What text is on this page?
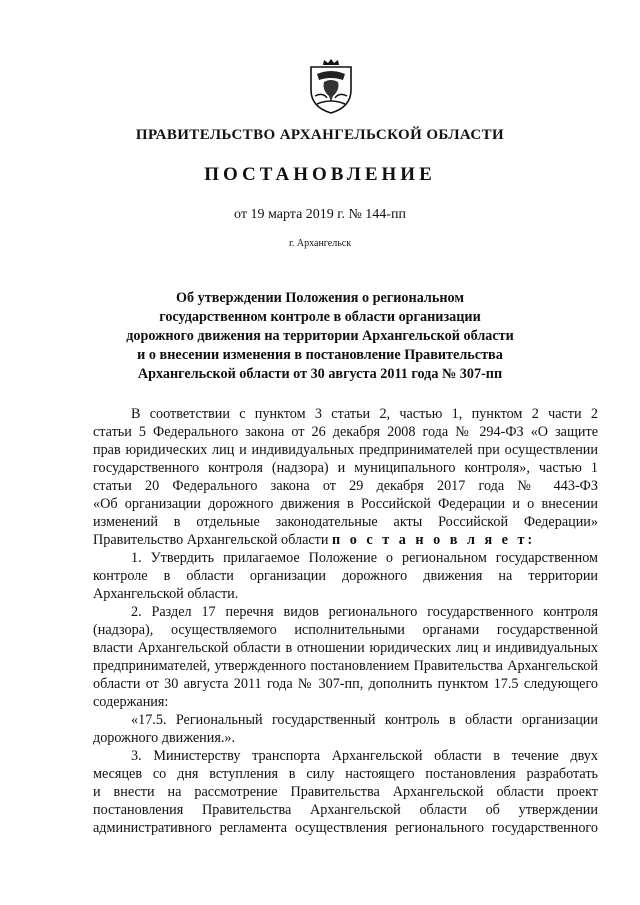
ПРАВИТЕЛЬСТВО АРХАНГЕЛЬСКОЙ ОБЛАСТИ
ПОСТАНОВЛЕНИЕ
от 19 марта 2019 г. № 144-пп
г. Архангельск
Об утверждении Положения о региональном
государственном контроле в области организации
дорожного движения на территории Архангельской области
и о внесении изменения в постановление Правительства
Архангельской области от 30 августа 2011 года № 307-пп
В соответствии с пунктом 3 статьи 2, частью 1, пунктом 2 части 2
статьи 5 Федерального закона от 26 декабря 2008 года № 294-ФЗ «О защите
прав юридических лиц и индивидуальных предпринимателей при осуществлении
государственного контроля (надзора) и муниципального контроля», частью 1
статьи 20 Федерального закона от 29 декабря 2017 года № 443-ФЗ
«Об организации дорожного движения в Российской Федерации и о внесении
изменений в отдельные законодательные акты Российской Федерации»
Правительство Архангельской области п о с т а н о в л я е т:
1. Утвердить прилагаемое Положение о региональном государственном
контроле в области организации дорожного движения на территории
Архангельской области.
2. Раздел 17 перечня видов регионального государственного контроля
(надзора), осуществляемого исполнительными органами государственной
власти Архангельской области в отношении юридических лиц и индивидуальных
предпринимателей, утвержденного постановлением Правительства Архангельской
области от 30 августа 2011 года № 307-пп, дополнить пунктом 17.5 следующего
содержания:
«17.5. Региональный государственный контроль в области организации
дорожного движения.».
3. Министерству транспорта Архангельской области в течение двух
месяцев со дня вступления в силу настоящего постановления разработать
и внести на рассмотрение Правительства Архангельской области проект
постановления Правительства Архангельской области об утверждении
административного регламента осуществления регионального государственного
